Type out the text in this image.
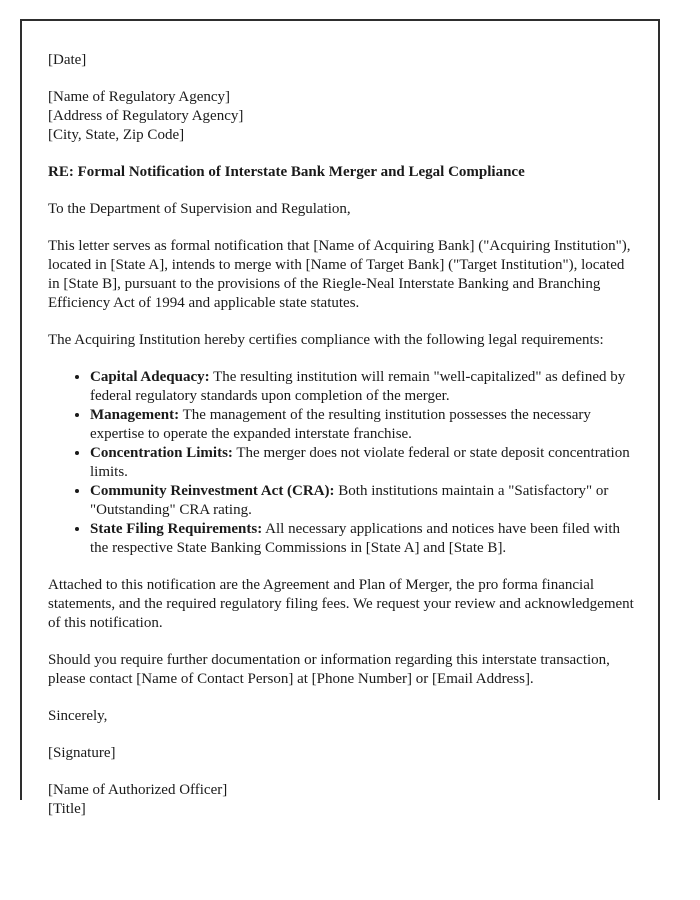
[Date]

[Name of Regulatory Agency]
[Address of Regulatory Agency]
[City, State, Zip Code]

RE: Formal Notification of Interstate Bank Merger and Legal Compliance

To the Department of Supervision and Regulation,

This letter serves as formal notification that [Name of Acquiring Bank] ("Acquiring Institution"), located in [State A], intends to merge with [Name of Target Bank] ("Target Institution"), located in [State B], pursuant to the provisions of the Riegle-Neal Interstate Banking and Branching Efficiency Act of 1994 and applicable state statutes.

The Acquiring Institution hereby certifies compliance with the following legal requirements:

• Capital Adequacy: The resulting institution will remain "well-capitalized" as defined by federal regulatory standards upon completion of the merger.
• Management: The management of the resulting institution possesses the necessary expertise to operate the expanded interstate franchise.
• Concentration Limits: The merger does not violate federal or state deposit concentration limits.
• Community Reinvestment Act (CRA): Both institutions maintain a "Satisfactory" or "Outstanding" CRA rating.
• State Filing Requirements: All necessary applications and notices have been filed with the respective State Banking Commissions in [State A] and [State B].

Attached to this notification are the Agreement and Plan of Merger, the pro forma financial statements, and the required regulatory filing fees. We request your review and acknowledgement of this notification.

Should you require further documentation or information regarding this interstate transaction, please contact [Name of Contact Person] at [Phone Number] or [Email Address].

Sincerely,

[Signature]

[Name of Authorized Officer]
[Title]
